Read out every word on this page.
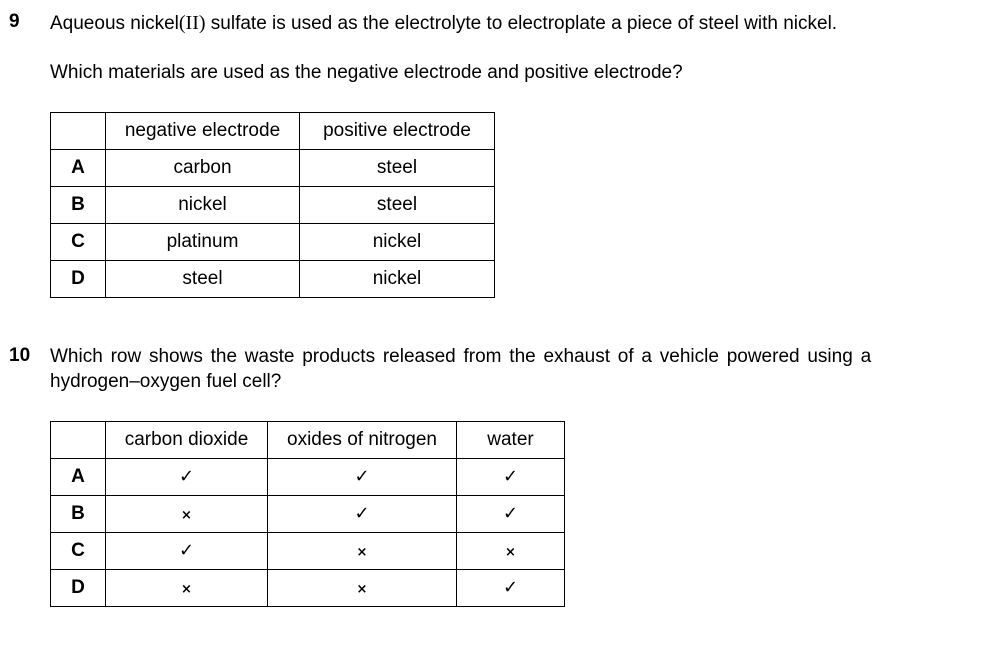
9 Aqueous nickel(II) sulfate is used as the electrolyte to electroplate a piece of steel with nickel.
Which materials are used as the negative electrode and positive electrode?
	negative electrode	positive electrode
A	carbon	steel
B	nickel	steel
C	platinum	nickel
D	steel	nickel
10 Which row shows the waste products released from the exhaust of a vehicle powered using a
hydrogen–oxygen fuel cell?
	carbon dioxide	oxides of nitrogen	water
A	✓	✓	✓
B	×	✓	✓
C	✓	×	×
D	×	×	✓
